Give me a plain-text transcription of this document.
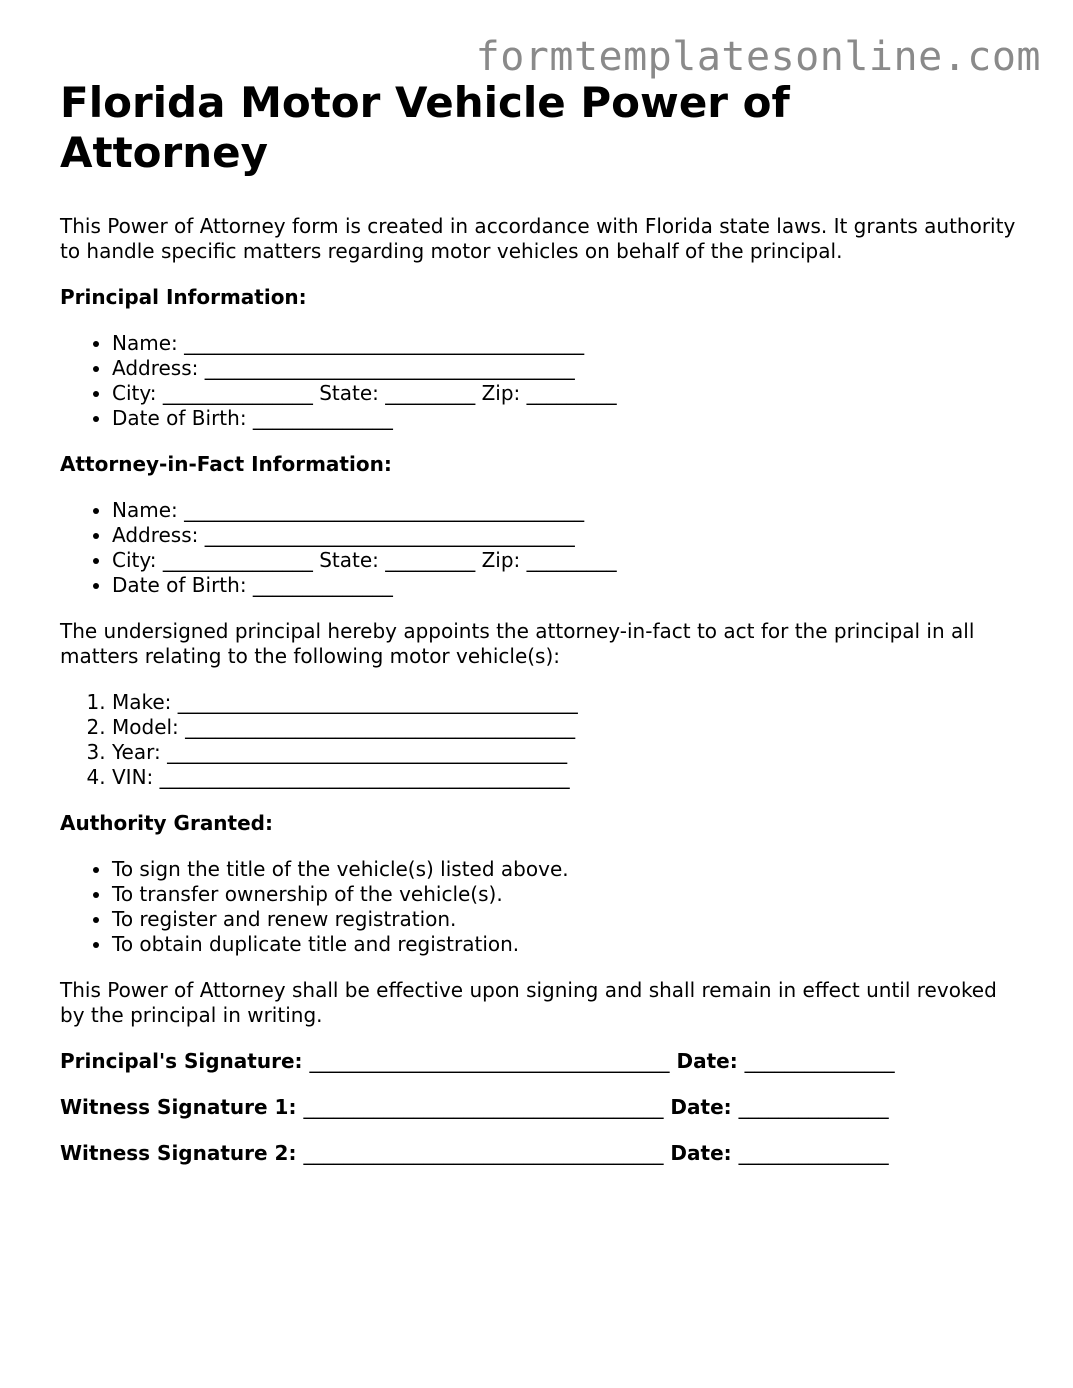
formtemplatesonline.com
Florida Motor Vehicle Power of Attorney

This Power of Attorney form is created in accordance with Florida state laws. It grants authority to handle specific matters regarding motor vehicles on behalf of the principal.

Principal Information:

• Name: ________________________________________
• Address: _____________________________________
• City: _______________ State: _________ Zip: _________
• Date of Birth: ______________

Attorney-in-Fact Information:

• Name: ________________________________________
• Address: _____________________________________
• City: _______________ State: _________ Zip: _________
• Date of Birth: ______________

The undersigned principal hereby appoints the attorney-in-fact to act for the principal in all matters relating to the following motor vehicle(s):

1. Make: ________________________________________
2. Model: _______________________________________
3. Year: ________________________________________
4. VIN: _________________________________________

Authority Granted:

• To sign the title of the vehicle(s) listed above.
• To transfer ownership of the vehicle(s).
• To register and renew registration.
• To obtain duplicate title and registration.

This Power of Attorney shall be effective upon signing and shall remain in effect until revoked by the principal in writing.

Principal's Signature: ____________________________________ Date: _______________
Witness Signature 1: ____________________________________ Date: _______________
Witness Signature 2: ____________________________________ Date: _______________
